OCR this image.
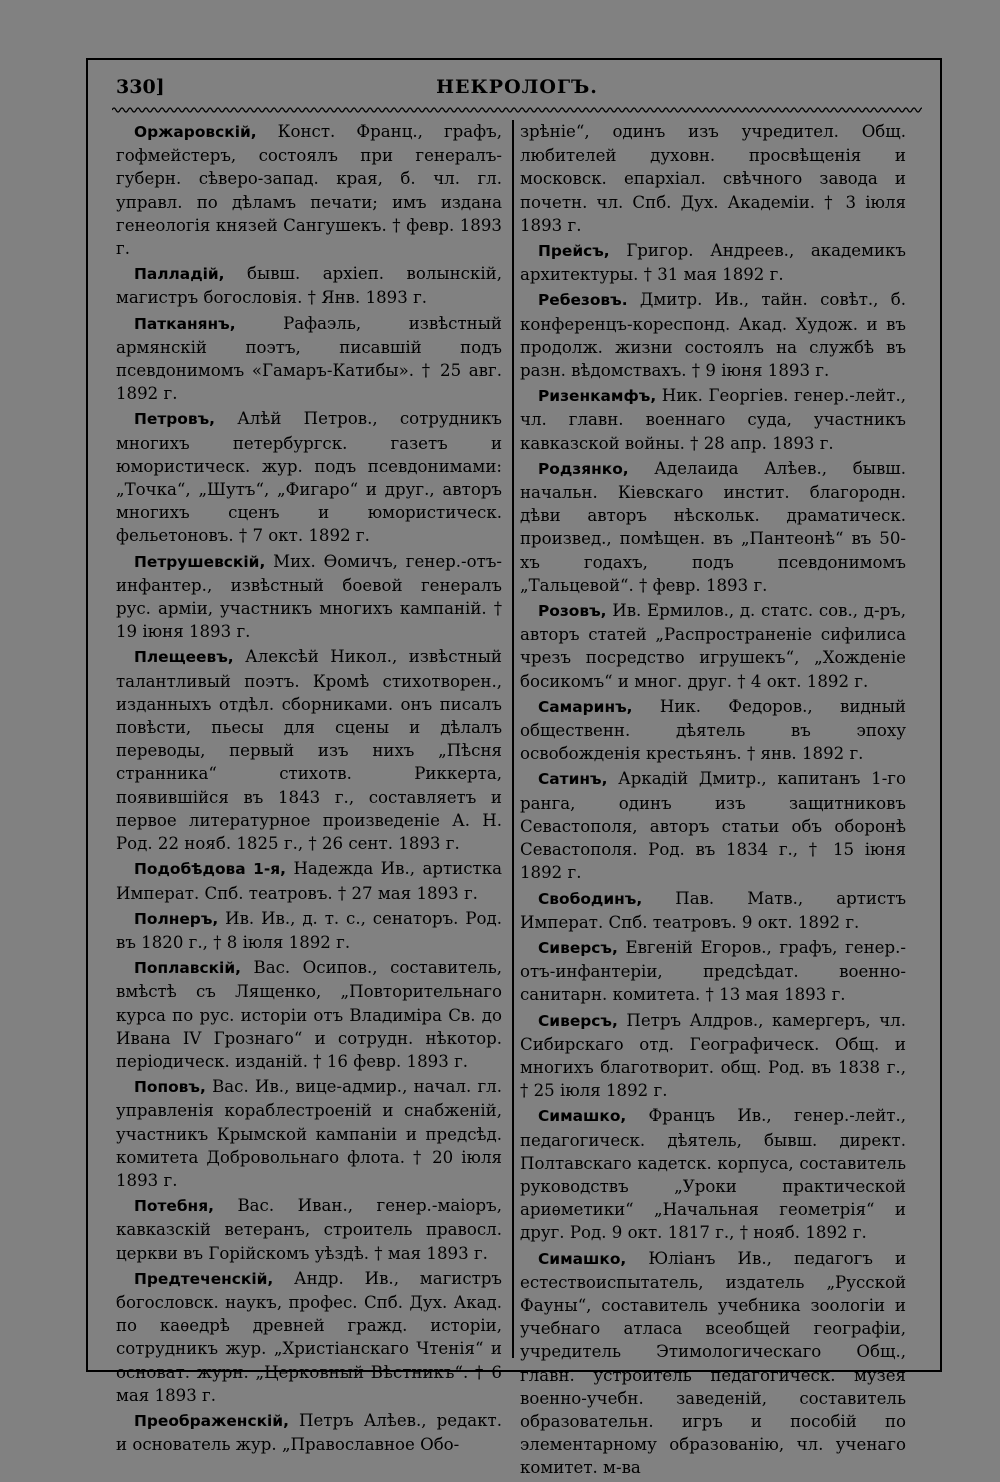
330]	НЕКРОЛОГЪ.

Оржаровскій, Конст. Франц., графъ, гофмейстеръ, состоялъ при генералъ-губерн. сѣверо-запад. края, б. чл. гл. управл. по дѣламъ печати; имъ издана генеологія князей Сангушекъ. † февр. 1893 г.

Палладій, бывш. архіеп. волынскій, магистръ богословія. † Янв. 1893 г.

Патканянъ, Рафаэль, извѣстный армянскій поэтъ, писавшій подъ псевдонимомъ «Гамаръ-Катибы». † 25 авг. 1892 г.

Петровъ, Алѣй Петров., сотрудникъ многихъ петербургск. газетъ и юмористическ. жур. подъ псевдонимами: „Точка“, „Шутъ“, „Фигаро“ и друг., авторъ многихъ сценъ и юмористическ. фельетоновъ. † 7 окт. 1892 г.

Петрушевскій, Мих. Ѳомичъ, генер.-отъ-инфантер., извѣстный боевой генералъ рус. арміи, участникъ многихъ кампаній. † 19 іюня 1893 г.

Плещеевъ, Алексѣй Никол., извѣстный талантливый поэтъ. Кромѣ стихотворен., изданныхъ отдѣл. сборниками. онъ писалъ повѣсти, пьесы для сцены и дѣлалъ переводы, первый изъ нихъ „Пѣсня странника“ стихотв. Риккерта, появившійся въ 1843 г., составляетъ и первое литературное произведеніе А. Н. Род. 22 нояб. 1825 г., † 26 сент. 1893 г.

Подобѣдова 1-я, Надежда Ив., артистка Императ. Спб. театровъ. † 27 мая 1893 г.

Полнеръ, Ив. Ив., д. т. с., сенаторъ. Род. въ 1820 г., † 8 іюля 1892 г.

Поплавскій, Вас. Осипов., составитель, вмѣстѣ съ Лященко, „Повторительнаго курса по рус. исторіи отъ Владиміра Св. до Ивана IV Грознаго“ и сотрудн. нѣкотор. періодическ. изданій. † 16 февр. 1893 г.

Поповъ, Вас. Ив., вице-адмир., начал. гл. управленія кораблестроеній и снабженій, участникъ Крымской кампаніи и предсѣд. комитета Добровольнаго флота. † 20 іюля 1893 г.

Потебня, Вас. Иван., генер.-маіоръ, кавказскій ветеранъ, строитель правосл. церкви въ Горійскомъ уѣздѣ. † мая 1893 г.

Предтеченскій, Андр. Ив., магистръ богословск. наукъ, профес. Спб. Дух. Акад. по каѳедрѣ древней гражд. исторіи, сотрудникъ жур. „Христіанскаго Чтенія“ и основат. журн. „Церковный Вѣстникъ“. † 6 мая 1893 г.

Преображенскій, Петръ Алѣев., редакт. и основатель жур. „Православное Обо-

зрѣніе“, одинъ изъ учредител. Общ. любителей духовн. просвѣщенія и московск. епархіал. свѣчного завода и почетн. чл. Спб. Дух. Академіи. † 3 іюля 1893 г.

Прейсъ, Григор. Андреев., академикъ архитектуры. † 31 мая 1892 г.

Ребезовъ. Дмитр. Ив., тайн. совѣт., б. конференцъ-кореспонд. Акад. Худож. и въ продолж. жизни состоялъ на службѣ въ разн. вѣдомствахъ. † 9 іюня 1893 г.

Ризенкамфъ, Ник. Георгіев. генер.-лейт., чл. главн. военнаго суда, участникъ кавказской войны. † 28 апр. 1893 г.

Родзянко, Аделаида Алѣев., бывш. начальн. Кіевскаго инстит. благородн. дѣви авторъ нѣскольк. драматическ. произвед., помѣщен. въ „Пантеонѣ“ въ 50-хъ годахъ, подъ псевдонимомъ „Тальцевой“. † февр. 1893 г.

Розовъ, Ив. Ермилов., д. статс. сов., д-ръ, авторъ статей „Распространеніе сифилиса чрезъ посредство игрушекъ“, „Хожденіе босикомъ“ и мног. друг. † 4 окт. 1892 г.

Самаринъ, Ник. Федоров., видный общественн. дѣятель въ эпоху освобожденія крестьянъ. † янв. 1892 г.

Сатинъ, Аркадій Дмитр., капитанъ 1-го ранга, одинъ изъ защитниковъ Севастополя, авторъ статьи объ оборонѣ Севастополя. Род. въ 1834 г., † 15 іюня 1892 г.

Свободинъ, Пав. Матв., артистъ Императ. Спб. театровъ. 9 окт. 1892 г.

Сиверсъ, Евгеній Егоров., графъ, генер.-отъ-инфантеріи, предсѣдат. военно-санитарн. комитета. † 13 мая 1893 г.

Сиверсъ, Петръ Алдров., камергеръ, чл. Сибирскаго отд. Географическ. Общ. и многихъ благотворит. общ. Род. въ 1838 г., † 25 іюля 1892 г.

Симашко, Францъ Ив., генер.-лейт., педагогическ. дѣятель, бывш. директ. Полтавскаго кадетск. корпуса, составитель руководствъ „Уроки практической ариѳметики“ „Начальная геометрія“ и друг. Род. 9 окт. 1817 г., † нояб. 1892 г.

Симашко, Юліанъ Ив., педагогъ и естествоиспытатель, издатель „Русской Фауны“, составитель учебника зоологіи и учебнаго атласа всеобщей географіи, учредитель Этимологическаго Общ., главн. устроитель педагогическ. музея военно-учебн. заведеній, составитель образовательн. игръ и пособій по элементарному образованію, чл. ученаго комитет. м-ва
